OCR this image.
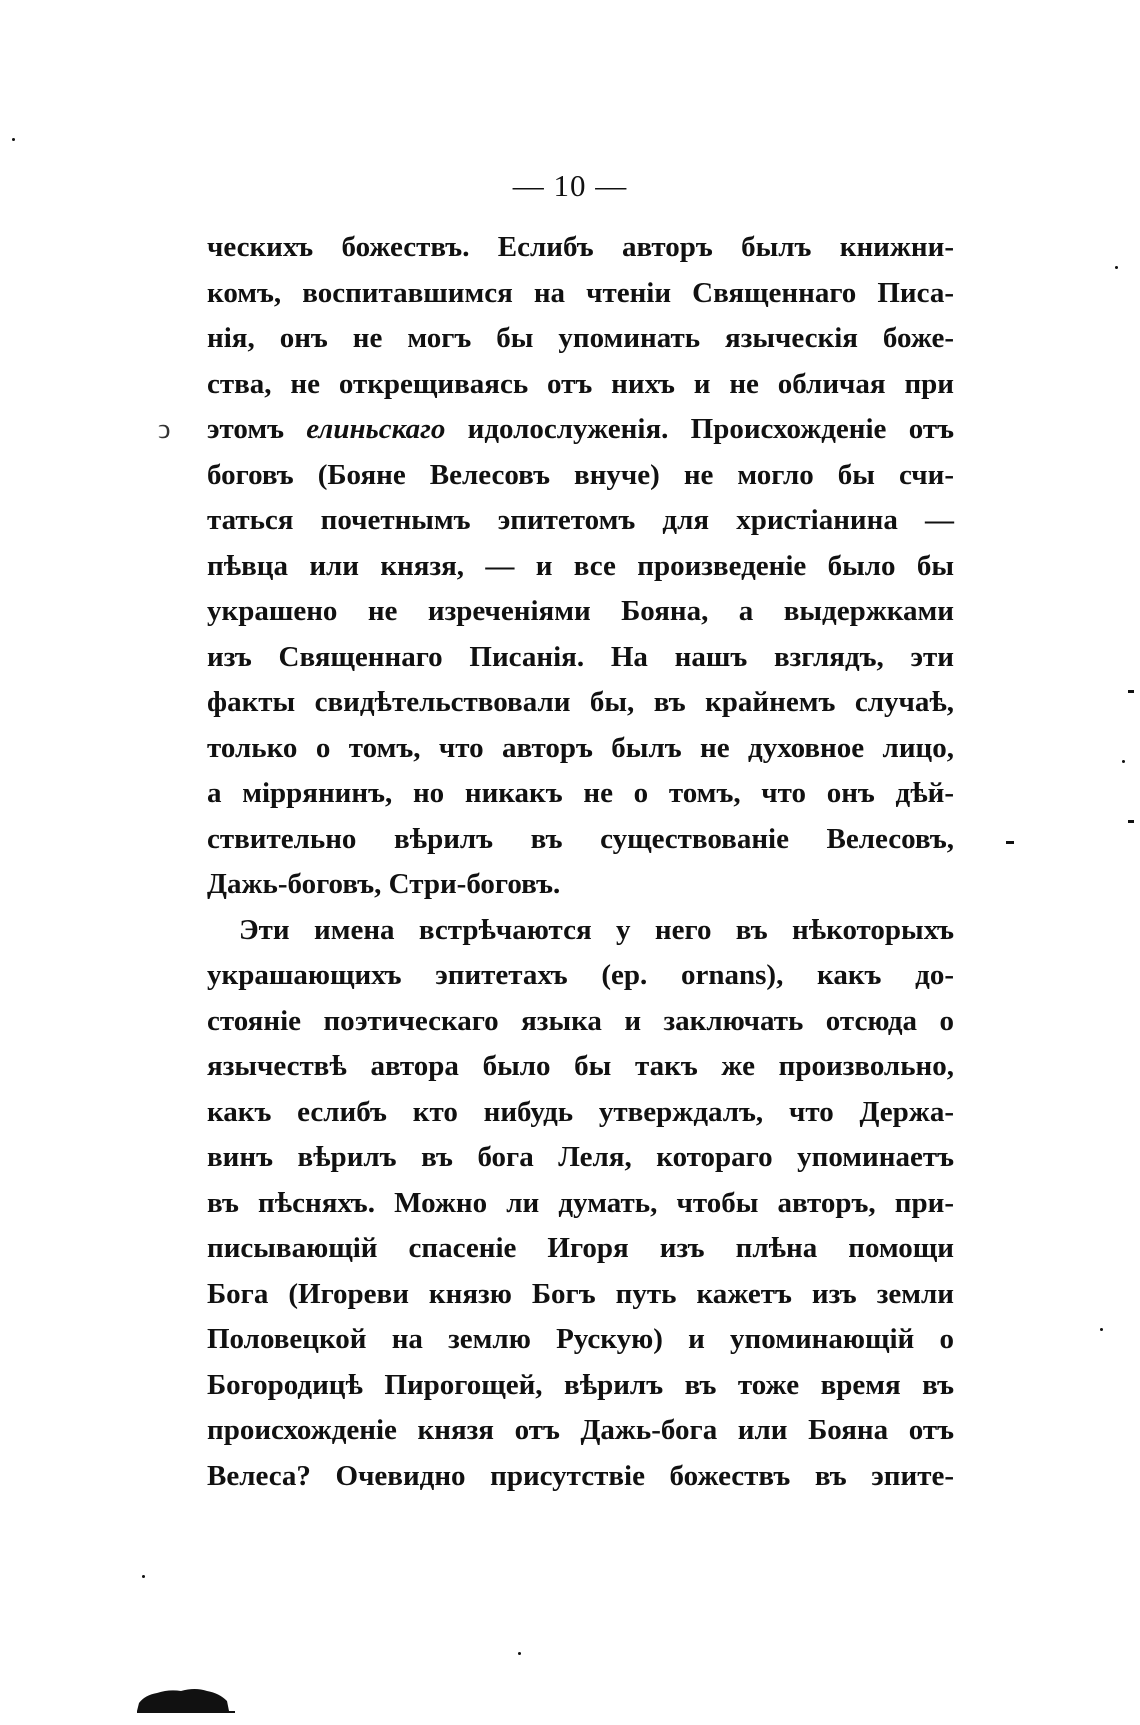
— 10 —
ↄ
ческихъ божествъ. Еслибъ авторъ былъ книжни-
комъ, воспитавшимся на чтеніи Священнаго Писа-
нія, онъ не могъ бы упоминать языческія боже-
ства, не открещиваясь отъ нихъ и не обличая при
этомъ елиньскаго идолослуженія. Происхожденіе отъ
боговъ (Бояне Велесовъ внуче) не могло бы счи-
таться почетнымъ эпитетомъ для христіанина —
пѣвца или князя, — и все произведеніе было бы
украшено не изреченіями Бояна, а выдержками
изъ Священнаго Писанія. На нашъ взглядъ, эти
факты свидѣтельствовали бы, въ крайнемъ случаѣ,
только о томъ, что авторъ былъ не духовное лицо,
а міррянинъ, но никакъ не о томъ, что онъ дѣй-
ствительно вѣрилъ въ существованіе Велесовъ,
Дажь-боговъ, Стри-боговъ.
Эти имена встрѣчаются у него въ нѣкоторыхъ
украшающихъ эпитетахъ (ер. ornans), какъ до-
стояніе поэтическаго языка и заключать отсюда о
язычествѣ автора было бы такъ же произвольно,
какъ еслибъ кто нибудь утверждалъ, что Держа-
винъ вѣрилъ въ бога Леля, котораго упоминаетъ
въ пѣсняхъ. Можно ли думать, чтобы авторъ, при-
писывающій спасеніе Игоря изъ плѣна помощи
Бога (Игореви князю Богъ путь кажетъ изъ земли
Половецкой на землю Рускую) и упоминающій о
Богородицѣ Пирогощей, вѣрилъ въ тоже время въ
происхожденіе князя отъ Дажь-бога или Бояна отъ
Велеса? Очевидно присутствіе божествъ въ эпите-
